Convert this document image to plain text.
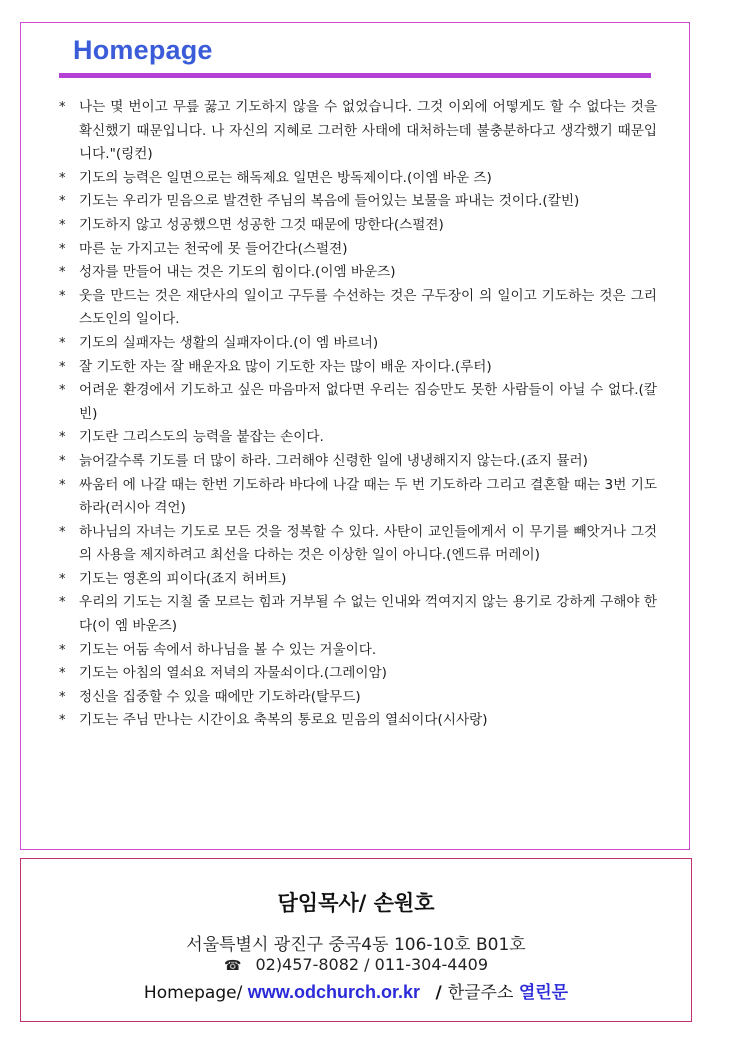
Homepage
* 나는 몇 번이고 무릎 꿇고 기도하지 않을 수 없었습니다. 그것 이외에 어떻게도 할 수 없다는 것을 확신했기 때문입니다. 나 자신의 지혜로 그러한 사태에 대처하는데 불충분하다고 생각했기 때문입니다."(링컨)
* 기도의 능력은 일면으로는 해독제요 일면은 방독제이다.(이엠 바운 즈)
* 기도는 우리가 믿음으로 발견한 주님의 복음에 들어있는 보물을 파내는 것이다.(칼빈)
* 기도하지 않고 성공했으면 성공한 그것 때문에 망한다(스펄젼)
* 마른 눈 가지고는 천국에 못 들어간다(스펄젼)
* 성자를 만들어 내는 것은 기도의 힘이다.(이엠 바운즈)
* 웃을 만드는 것은 재단사의 일이고 구두를 수선하는 것은 구두장이 의 일이고 기도하는 것은 그리스도인의 일이다.
* 기도의 실패자는 생활의 실패자이다.(이 엠 바르너)
* 잘 기도한 자는 잘 배운자요 많이 기도한 자는 많이 배운 자이다.(루터)
* 어려운 환경에서 기도하고 싶은 마음마저 없다면 우리는 짐승만도 못한 사람들이 아닐 수 없다.(칼빈)
* 기도란 그리스도의 능력을 붙잡는 손이다.
* 늙어갈수록 기도를 더 많이 하라. 그러해야 신령한 일에 냉냉해지지 않는다.(죠지 뮬러)
* 싸움터 에 나갈 때는 한번 기도하라 바다에 나갈 때는 두 번 기도하라 그리고 결혼할 때는 3번 기도하라(러시아 격언)
* 하나님의 자녀는 기도로 모든 것을 정복할 수 있다. 사탄이 교인들에게서 이 무기를 빼앗거나 그것의 사용을 제지하려고 최선을 다하는 것은 이상한 일이 아니다.(엔드류 머레이)
* 기도는 영혼의 피이다(죠지 허버트)
* 우리의 기도는 지칠 줄 모르는 힘과 거부될 수 없는 인내와 꺽여지지 않는 용기로 강하게 구해야 한다(이 엠 바운즈)
* 기도는 어둠 속에서 하나님을 볼 수 있는 거울이다.
* 기도는 아침의 열쇠요 저녁의 자물쇠이다.(그레이암)
* 정신을 집중할 수 있을 때에만 기도하라(탈무드)
* 기도는 주님 만나는 시간이요 축복의 통로요 믿음의 열쇠이다(시사랑)
담임목사/ 손원호
서울특별시 광진구 중곡4동 106-10호 B01호
☎ 02)457-8082 / 011-304-4409
Homepage/ www.odchurch.or.kr / 한글주소 열린문
